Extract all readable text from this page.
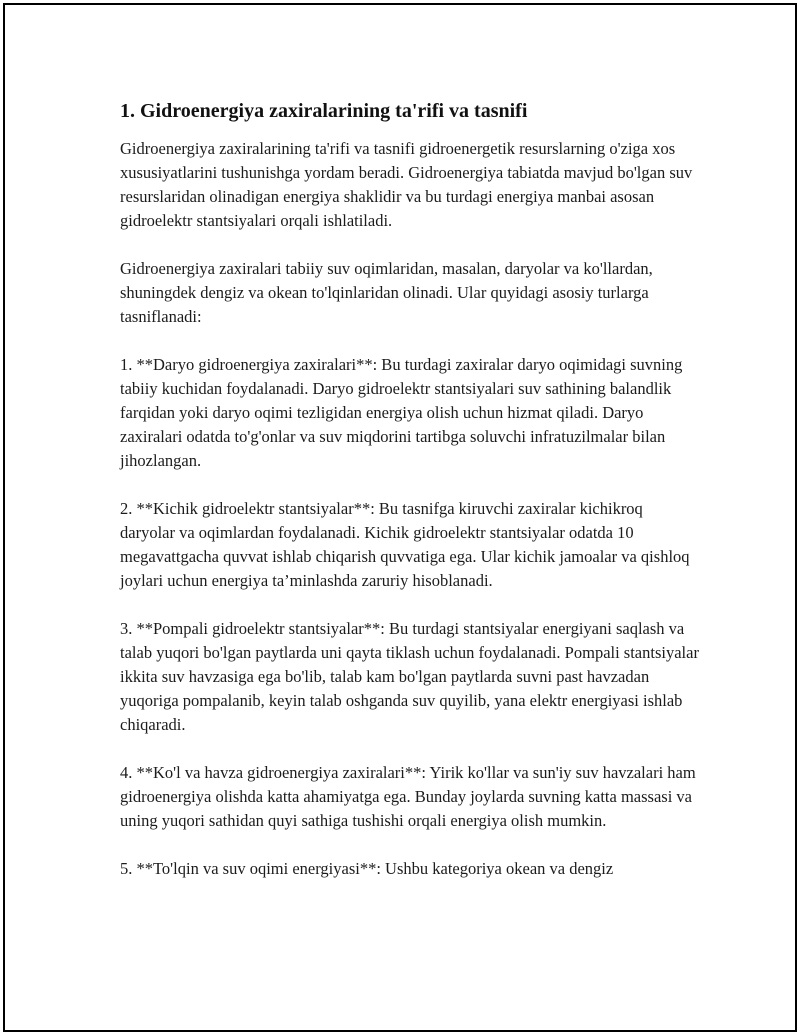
1. Gidroenergiya zaxiralarining ta'rifi va tasnifi

Gidroenergiya zaxiralarining ta'rifi va tasnifi gidroenergetik resurslarning o'ziga xos xususiyatlarini tushunishga yordam beradi. Gidroenergiya tabiatda mavjud bo'lgan suv resurslaridan olinadigan energiya shaklidir va bu turdagi energiya manbai asosan gidroelektr stantsiyalari orqali ishlatiladi.

Gidroenergiya zaxiralari tabiiy suv oqimlaridan, masalan, daryolar va ko'llardan, shuningdek dengiz va okean to'lqinlaridan olinadi. Ular quyidagi asosiy turlarga tasniflanadi:

1. **Daryo gidroenergiya zaxiralari**: Bu turdagi zaxiralar daryo oqimidagi suvning tabiiy kuchidan foydalanadi. Daryo gidroelektr stantsiyalari suv sathining balandlik farqidan yoki daryo oqimi tezligidan energiya olish uchun hizmat qiladi. Daryo zaxiralari odatda to'g'onlar va suv miqdorini tartibga soluvchi infratuzilmalar bilan jihozlangan.

2. **Kichik gidroelektr stantsiyalar**: Bu tasnifga kiruvchi zaxiralar kichikroq daryolar va oqimlardan foydalanadi. Kichik gidroelektr stantsiyalar odatda 10 megavattgacha quvvat ishlab chiqarish quvvatiga ega. Ular kichik jamoalar va qishloq joylari uchun energiya ta’minlashda zaruriy hisoblanadi.

3. **Pompali gidroelektr stantsiyalar**: Bu turdagi stantsiyalar energiyani saqlash va talab yuqori bo'lgan paytlarda uni qayta tiklash uchun foydalanadi. Pompali stantsiyalar ikkita suv havzasiga ega bo'lib, talab kam bo'lgan paytlarda suvni past havzadan yuqoriga pompalanib, keyin talab oshganda suv quyilib, yana elektr energiyasi ishlab chiqaradi.

4. **Ko'l va havza gidroenergiya zaxiralari**: Yirik ko'llar va sun'iy suv havzalari ham gidroenergiya olishda katta ahamiyatga ega. Bunday joylarda suvning katta massasi va uning yuqori sathidan quyi sathiga tushishi orqali energiya olish mumkin.

5. **To'lqin va suv oqimi energiyasi**: Ushbu kategoriya okean va dengiz
